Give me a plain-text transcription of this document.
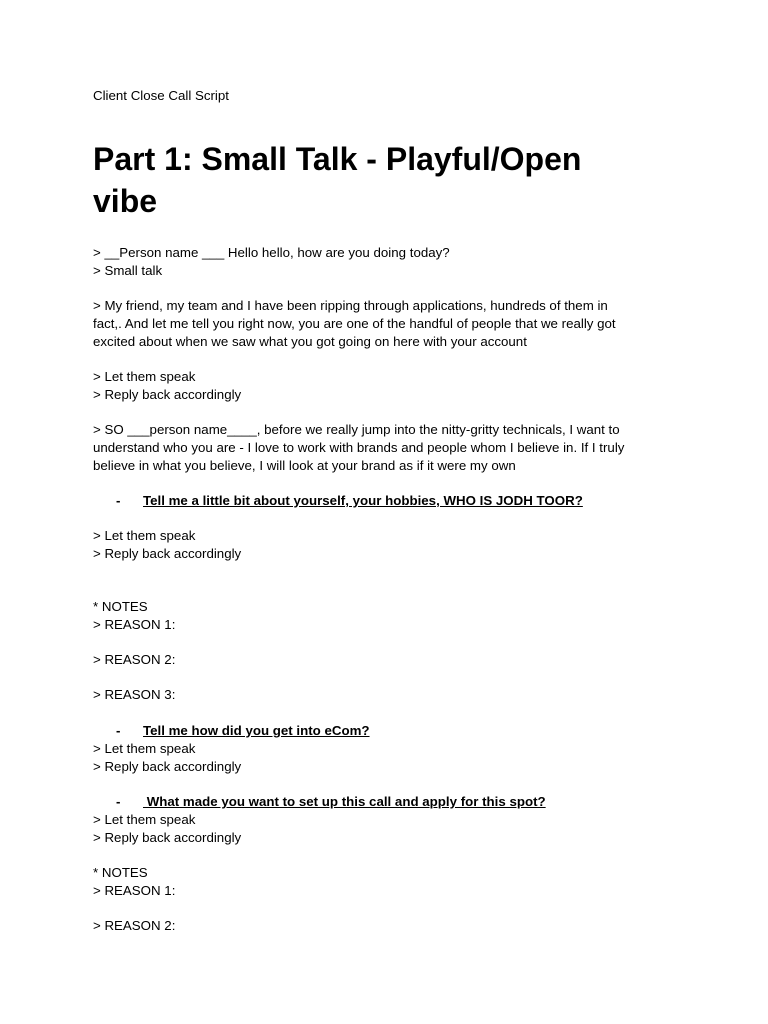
Client Close Call Script
Part 1: Small Talk - Playful/Open
vibe
> __Person name ___ Hello hello, how are you doing today?
> Small talk
> My friend, my team and I have been ripping through applications, hundreds of them in
fact,. And let me tell you right now, you are one of the handful of people that we really got
excited about when we saw what you got going on here with your account
> Let them speak
> Reply back accordingly
> SO ___person name____, before we really jump into the nitty-gritty technicals, I want to
understand who you are - I love to work with brands and people whom I believe in. If I truly
believe in what you believe, I will look at your brand as if it were my own
- Tell me a little bit about yourself, your hobbies, WHO IS JODH TOOR?
> Let them speak
> Reply back accordingly
* NOTES
> REASON 1:
> REASON 2:
> REASON 3:
- Tell me how did you get into eCom?
> Let them speak
> Reply back accordingly
- What made you want to set up this call and apply for this spot?
> Let them speak
> Reply back accordingly
* NOTES
> REASON 1:
> REASON 2:
